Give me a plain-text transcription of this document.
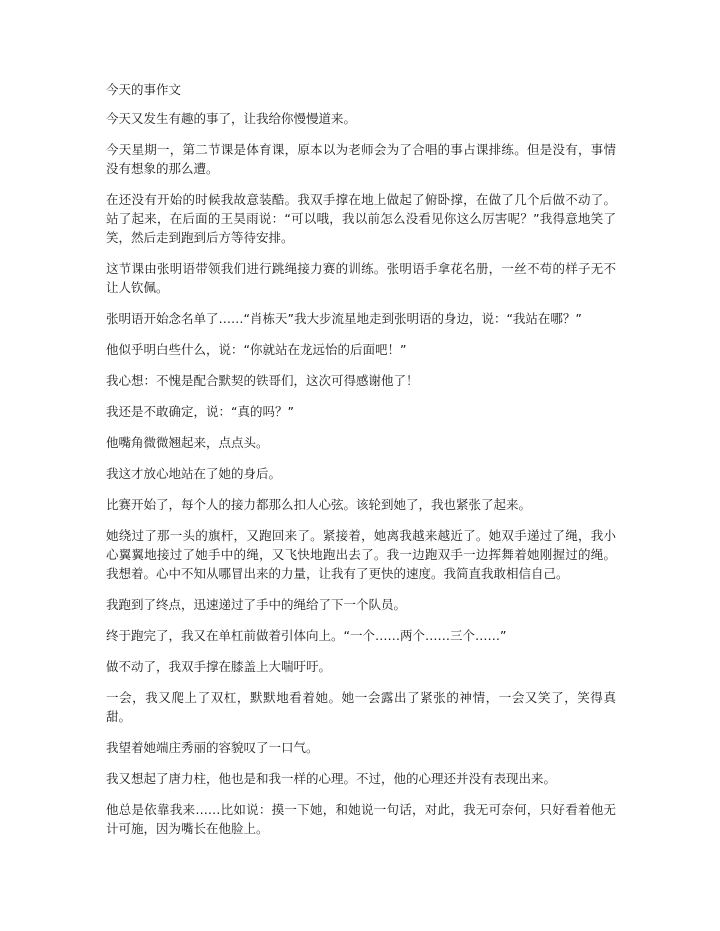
今天的事作文

今天又发生有趣的事了，让我给你慢慢道来。

今天星期一，第二节课是体育课，原本以为老师会为了合唱的事占课排练。但是没有，事情没有想象的那么遭。

在还没有开始的时候我故意装酷。我双手撑在地上做起了俯卧撑，在做了几个后做不动了。站了起来，在后面的王昊雨说：“可以哦，我以前怎么没看见你这么厉害呢？”我得意地笑了笑，然后走到跑到后方等待安排。

这节课由张明语带领我们进行跳绳接力赛的训练。张明语手拿花名册，一丝不苟的样子无不让人钦佩。

张明语开始念名单了……“肖栋天”我大步流星地走到张明语的身边，说：“我站在哪？”

他似乎明白些什么，说：“你就站在龙远怡的后面吧！”

我心想：不愧是配合默契的铁哥们，这次可得感谢他了！

我还是不敢确定，说：“真的吗？”

他嘴角微微翘起来，点点头。

我这才放心地站在了她的身后。

比赛开始了，每个人的接力都那么扣人心弦。该轮到她了，我也紧张了起来。

她绕过了那一头的旗杆，又跑回来了。紧接着，她离我越来越近了。她双手递过了绳，我小心翼翼地接过了她手中的绳，又飞快地跑出去了。我一边跑双手一边挥舞着她刚握过的绳。我想着。心中不知从哪冒出来的力量，让我有了更快的速度。我简直我敢相信自己。

我跑到了终点，迅速递过了手中的绳给了下一个队员。

终于跑完了，我又在单杠前做着引体向上。“一个……两个……三个……”

做不动了，我双手撑在膝盖上大喘吁吁。

一会，我又爬上了双杠，默默地看着她。她一会露出了紧张的神情，一会又笑了，笑得真甜。

我望着她端庄秀丽的容貌叹了一口气。

我又想起了唐力柱，他也是和我一样的心理。不过，他的心理还并没有表现出来。

他总是依靠我来……比如说：摸一下她，和她说一句话，对此，我无可奈何，只好看着他无计可施，因为嘴长在他脸上。
